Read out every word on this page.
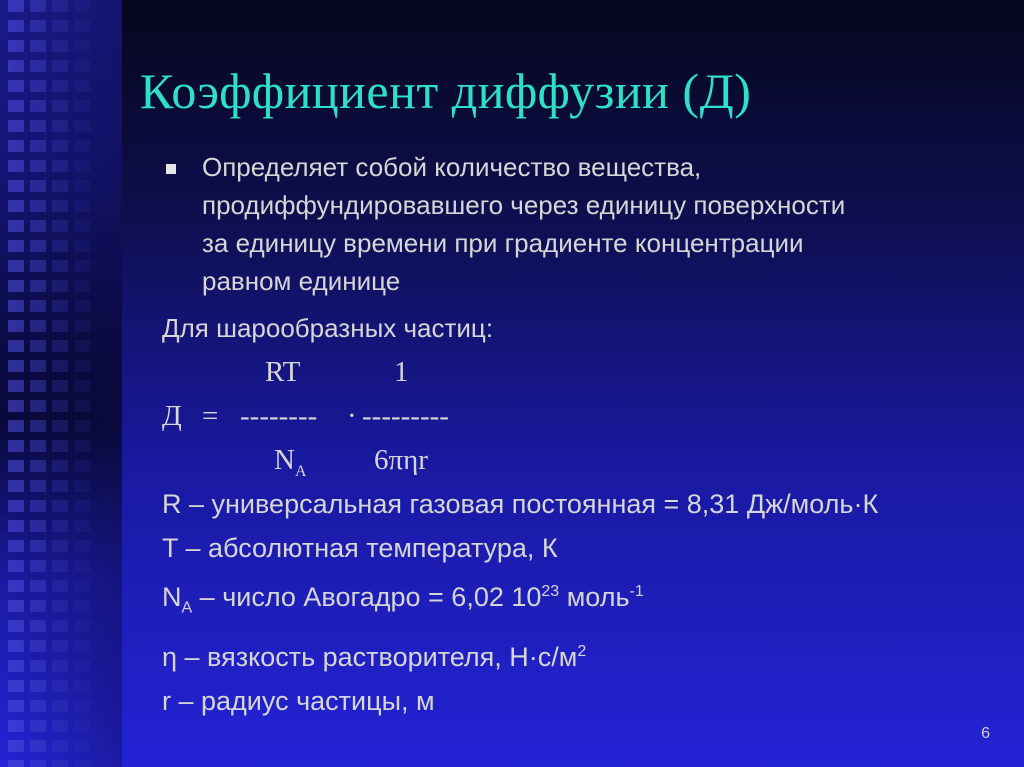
Коэффициент диффузии (Д)
Определяет собой количество вещества,
продиффундировавшего через единицу поверхности
за единицу времени при градиенте концентрации
равном единице
Для шарообразных частиц:
RT	1
Д = -------- · ---------
$N_A$ 6πηr
R – универсальная газовая постоянная = 8,31 Дж/моль·К
T – абсолютная температура, К
$N_A$ – число Авогадро = 6,02 $10^{23}$ моль$^{-1}$
η – вязкость растворителя, $Н\cdot с/м^2$
r – радиус частицы, м
6
